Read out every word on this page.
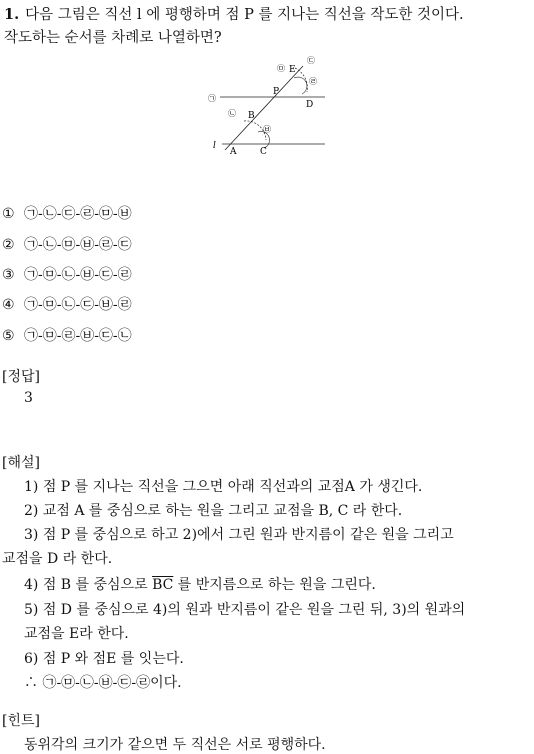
1. 다음 그림은 직선 l 에 평행하며 점 P 를 지나는 직선을 작도한 것이다.
작도하는 순서를 차례로 나열하면?
P
D
E
B
A	C
l
㉠
㉡
㉢
㉣
㉤
㉥
① ㉠-㉡-㉢-㉣-㉤-㉥
② ㉠-㉡-㉤-㉥-㉣-㉢
③ ㉠-㉤-㉡-㉥-㉢-㉣
④ ㉠-㉤-㉡-㉢-㉥-㉣
⑤ ㉠-㉤-㉣-㉥-㉢-㉡
[정답]
3
[해설]
1) 점 P 를 지나는 직선을 그으면 아래 직선과의 교점A 가 생긴다.
2) 교점 A 를 중심으로 하는 원을 그리고 교점을 B, C 라 한다.
3) 점 P 를 중심으로 하고 2)에서 그린 원과 반지름이 같은 원을 그리고
교점을 D 라 한다.
4) 점 B 를 중심으로 $\overline{BC}$ 를 반지름으로 하는 원을 그린다.
5) 점 D 를 중심으로 4)의 원과 반지름이 같은 원을 그린 뒤, 3)의 원과의
교점을 E라 한다.
6) 점 P 와 점E 를 잇는다.
∴ ㉠-㉤-㉡-㉥-㉢-㉣이다.
[힌트]
동위각의 크기가 같으면 두 직선은 서로 평행하다.
